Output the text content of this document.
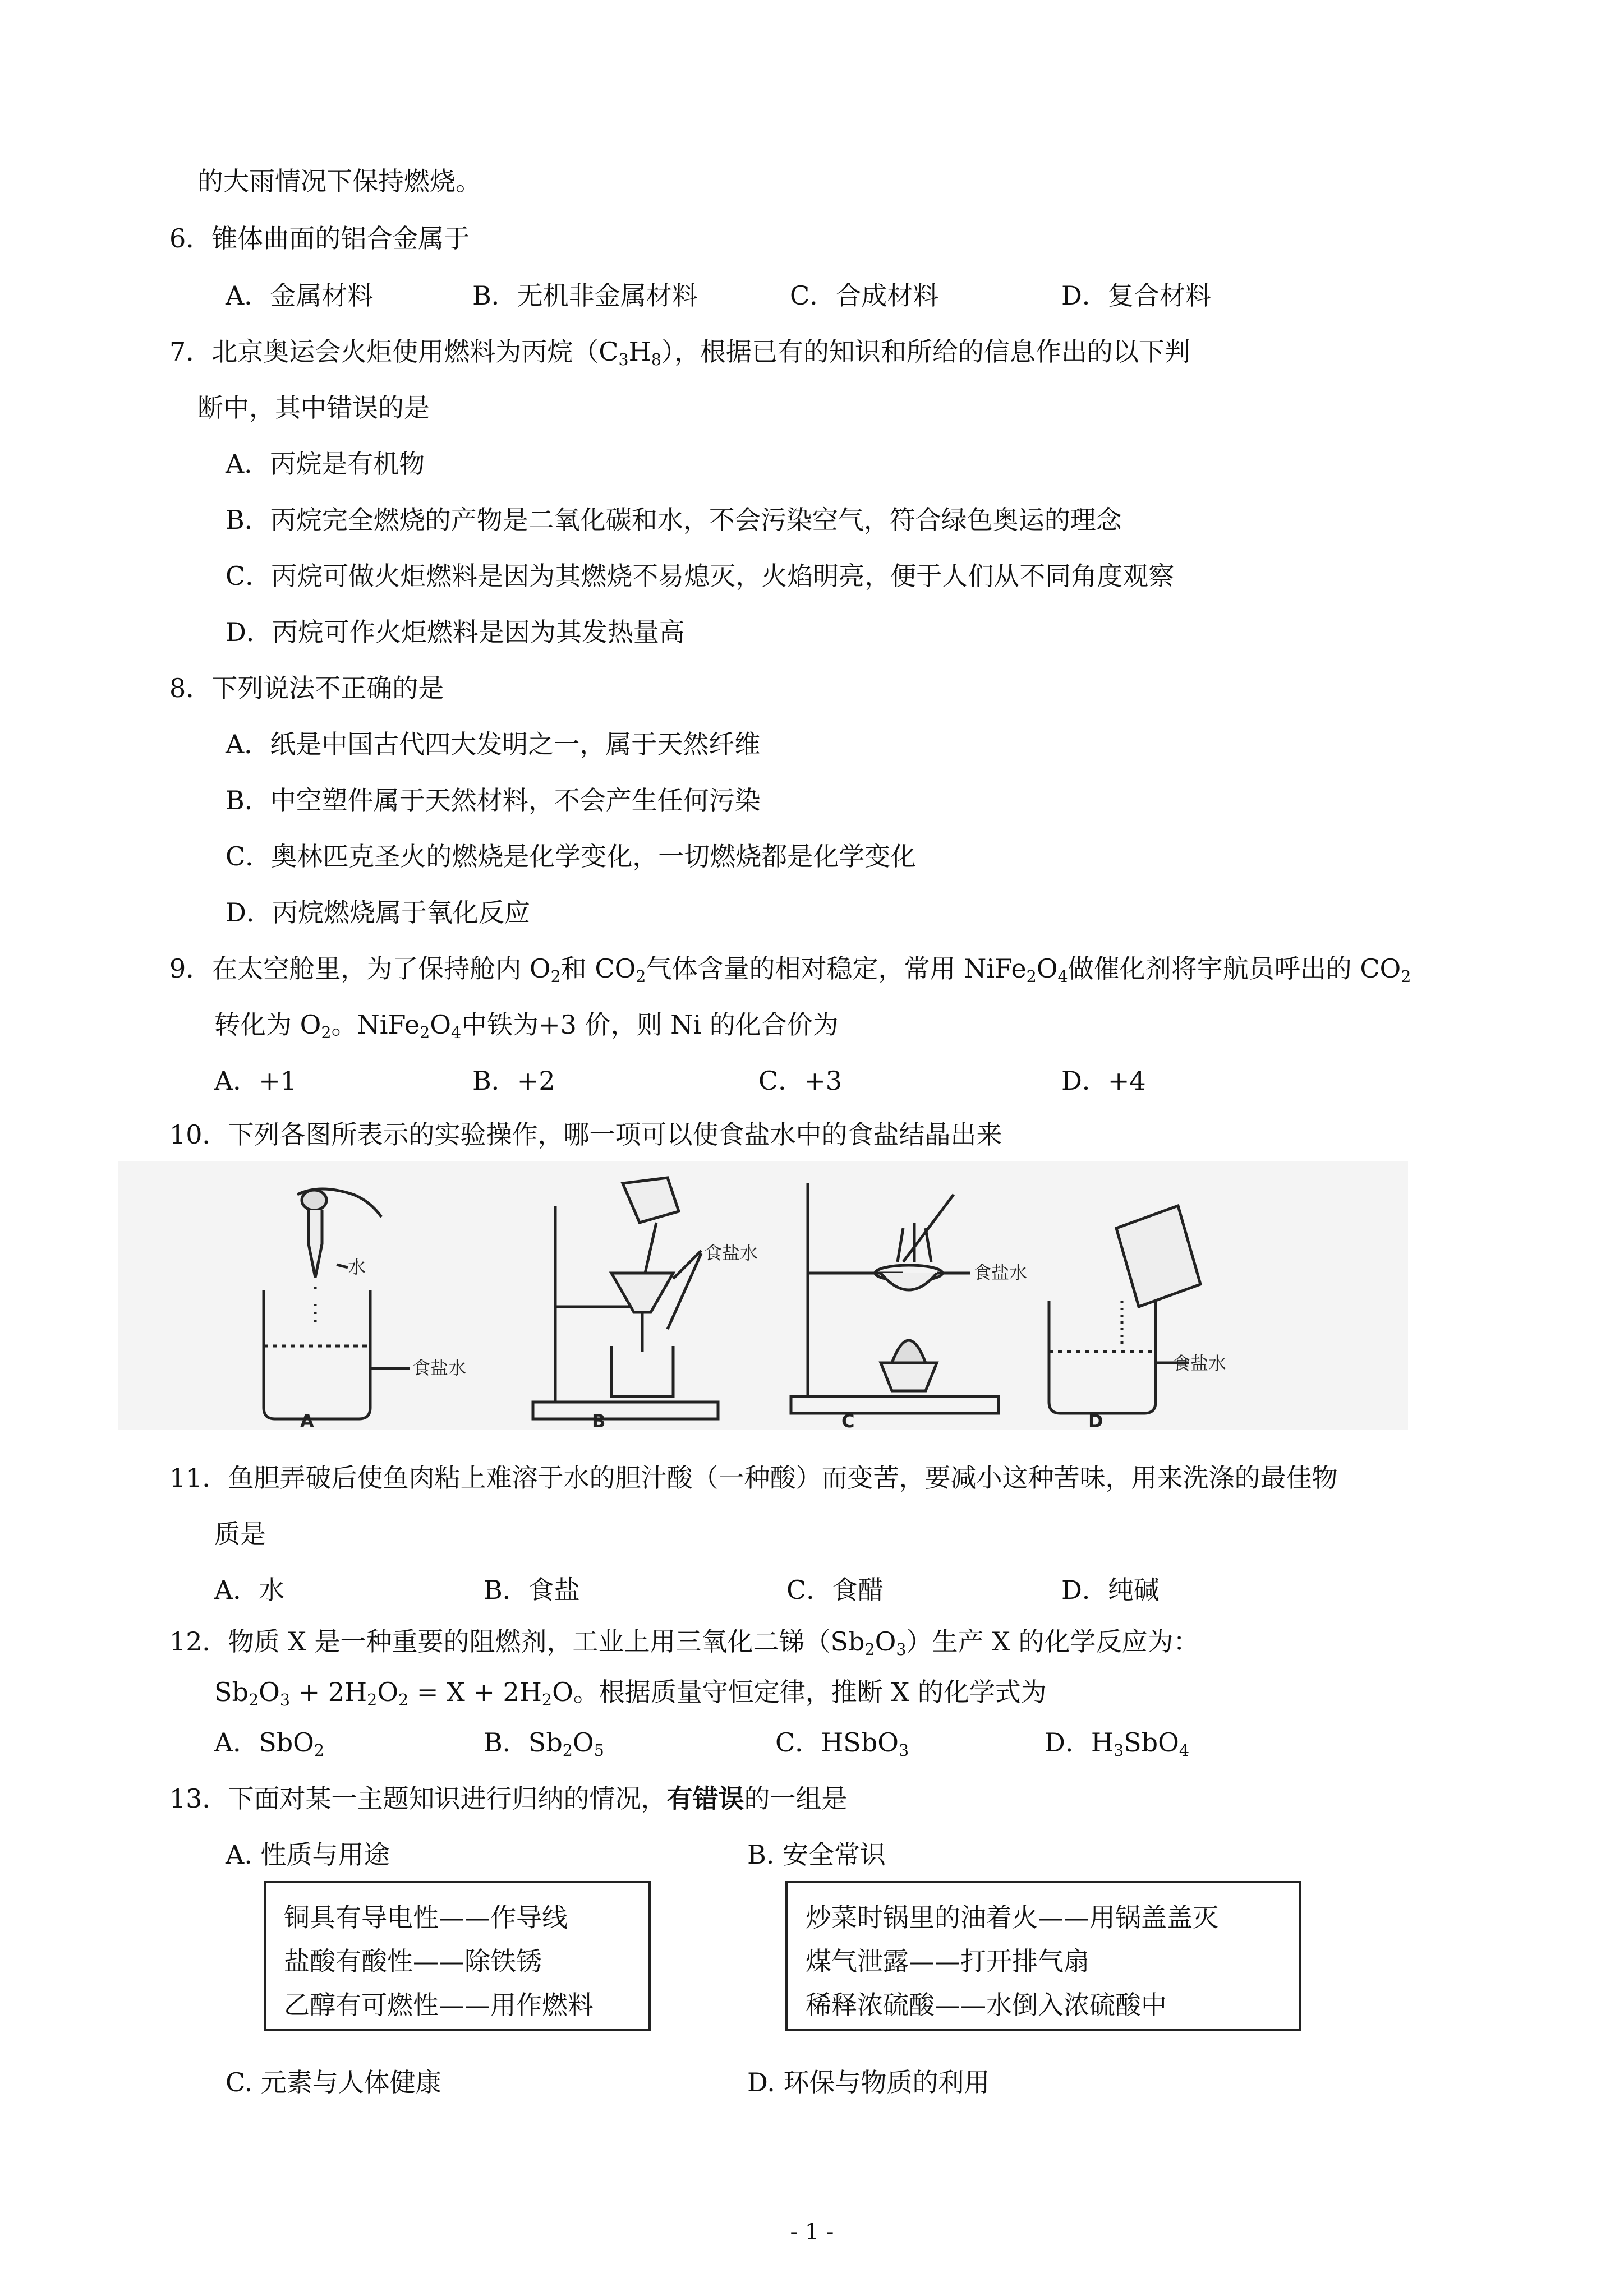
的大雨情况下保持燃烧。
6．锥体曲面的铝合金属于
A．金属材料	B．无机非金属材料	C．合成材料	D．复合材料
7．北京奥运会火炬使用燃料为丙烷$(C_3H_8)$，根据已有的知识和所给的信息作出的以下判
断中，其中错误的是
A．丙烷是有机物
B．丙烷完全燃烧的产物是二氧化碳和水，不会污染空气，符合绿色奥运的理念
C．丙烷可做火炬燃料是因为其燃烧不易熄灭，火焰明亮，便于人们从不同角度观察
D．丙烷可作火炬燃料是因为其发热量高
8．下列说法不正确的是
A．纸是中国古代四大发明之一，属于天然纤维
B．中空塑件属于天然材料，不会产生任何污染
C．奥林匹克圣火的燃烧是化学变化，一切燃烧都是化学变化
D．丙烷燃烧属于氧化反应
9．在太空舱里，为了保持舱内 $O_2$和 $CO_2$气体含量的相对稳定，常用 $NiFe_2O_4$做催化剂将宇航员呼出的 $CO_2$
转化为 $O_2$。$NiFe_2O_4$中铁为+3 价，则 Ni 的化合价为
A．+1	B．+2	C．+3	D．+4
10．下列各图所表示的实验操作，哪一项可以使食盐水中的食盐结晶出来
水
食盐水
A
食盐水
B
食盐水
C
食盐水
D
11．鱼胆弄破后使鱼肉粘上难溶于水的胆汁酸（一种酸）而变苦，要减小这种苦味，用来洗涤的最佳物
质是
A．水	B．食盐	C．食醋	D．纯碱
12．物质 X 是一种重要的阻燃剂，工业上用三氧化二锑$(Sb_2O_3)$生产 X 的化学反应为：
$Sb_2O_3 + 2H_2O_2 = X + 2H_2O$。根据质量守恒定律，推断 X 的化学式为
A．SbO$_2$	B．$Sb_2O_5$	C．HSbO$_3$	D．$H_3SbO_4$
13．下面对某一主题知识进行归纳的情况，有错误的一组是
A. 性质与用途	B. 安全常识
铜具有导电性——作导线
盐酸有酸性——除铁锈
乙醇有可燃性——用作燃料
炒菜时锅里的油着火——用锅盖盖灭
煤气泄露——打开排气扇
稀释浓硫酸——水倒入浓硫酸中
C. 元素与人体健康	D. 环保与物质的利用
- 1 -
